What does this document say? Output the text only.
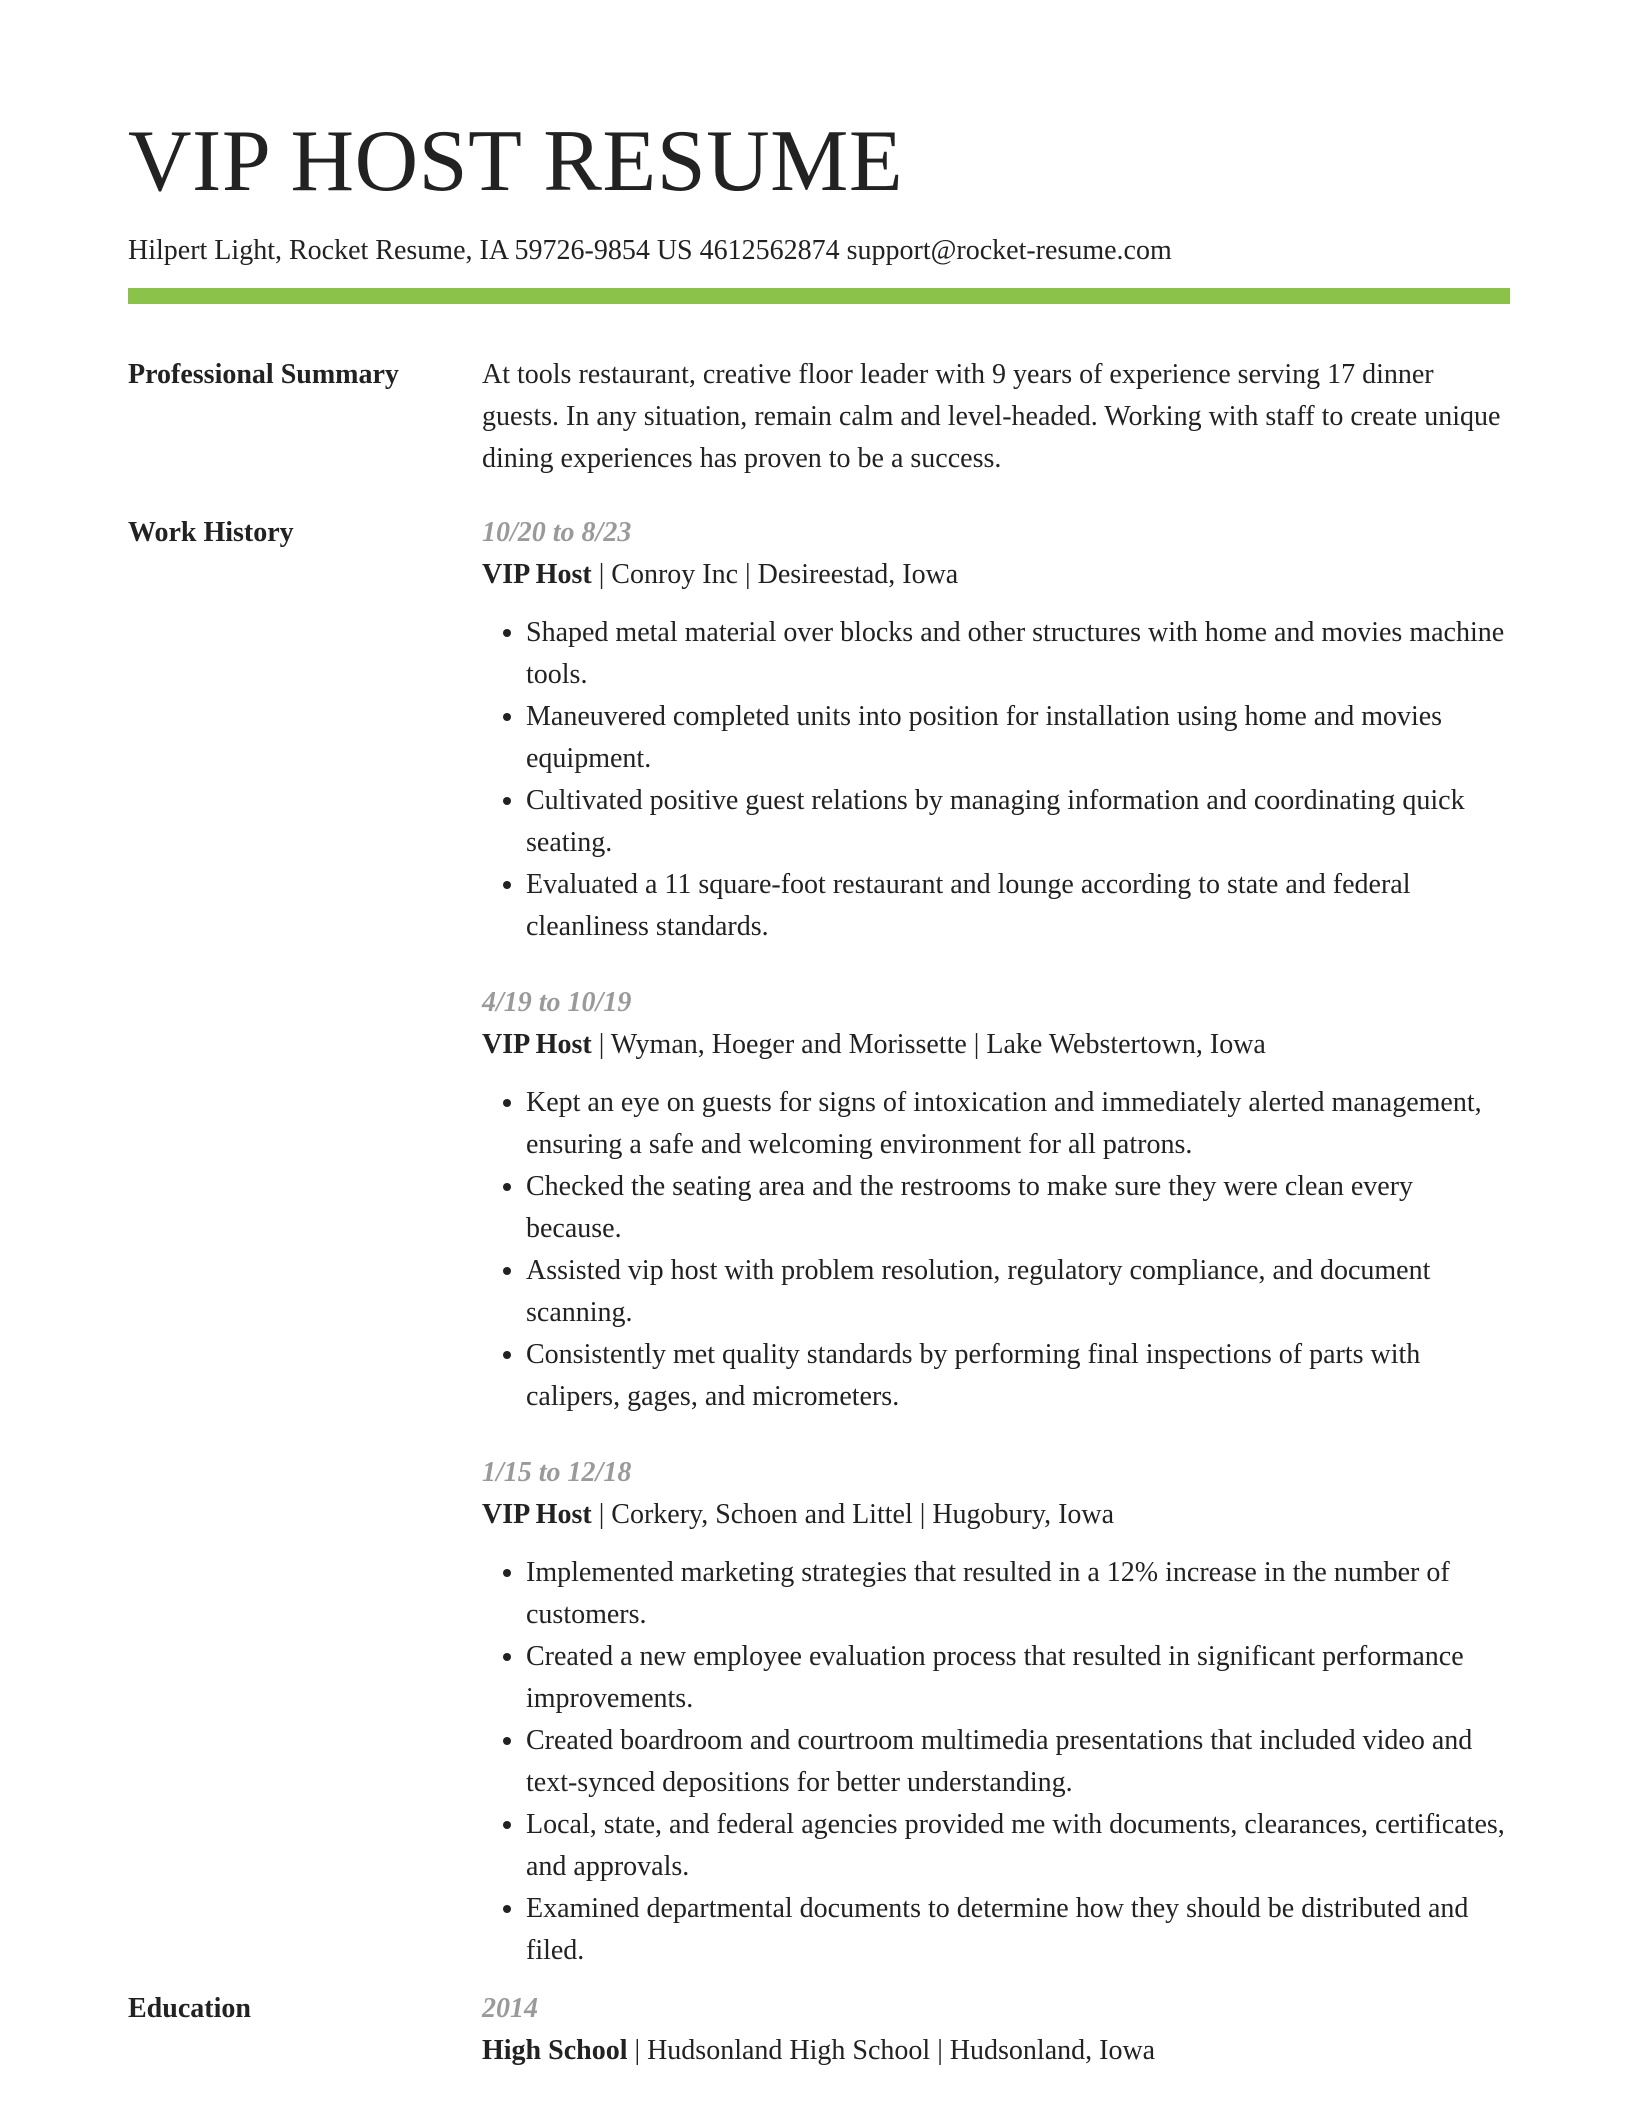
VIP HOST RESUME
Hilpert Light, Rocket Resume, IA 59726-9854 US 4612562874 support@rocket-resume.com
Professional Summary	At tools restaurant, creative floor leader with 9 years of experience serving 17 dinner guests. In any situation, remain calm and level-headed. Working with staff to create unique dining experiences has proven to be a success.
Work History	10/20 to 8/23
VIP Host | Conroy Inc | Desireestad, Iowa
• Shaped metal material over blocks and other structures with home and movies machine tools.
• Maneuvered completed units into position for installation using home and movies equipment.
• Cultivated positive guest relations by managing information and coordinating quick seating.
• Evaluated a 11 square-foot restaurant and lounge according to state and federal cleanliness standards.
4/19 to 10/19
VIP Host | Wyman, Hoeger and Morissette | Lake Webstertown, Iowa
• Kept an eye on guests for signs of intoxication and immediately alerted management, ensuring a safe and welcoming environment for all patrons.
• Checked the seating area and the restrooms to make sure they were clean every because.
• Assisted vip host with problem resolution, regulatory compliance, and document scanning.
• Consistently met quality standards by performing final inspections of parts with calipers, gages, and micrometers.
1/15 to 12/18
VIP Host | Corkery, Schoen and Littel | Hugobury, Iowa
• Implemented marketing strategies that resulted in a 12% increase in the number of customers.
• Created a new employee evaluation process that resulted in significant performance improvements.
• Created boardroom and courtroom multimedia presentations that included video and text-synced depositions for better understanding.
• Local, state, and federal agencies provided me with documents, clearances, certificates, and approvals.
• Examined departmental documents to determine how they should be distributed and filed.
Education	2014
High School | Hudsonland High School | Hudsonland, Iowa
